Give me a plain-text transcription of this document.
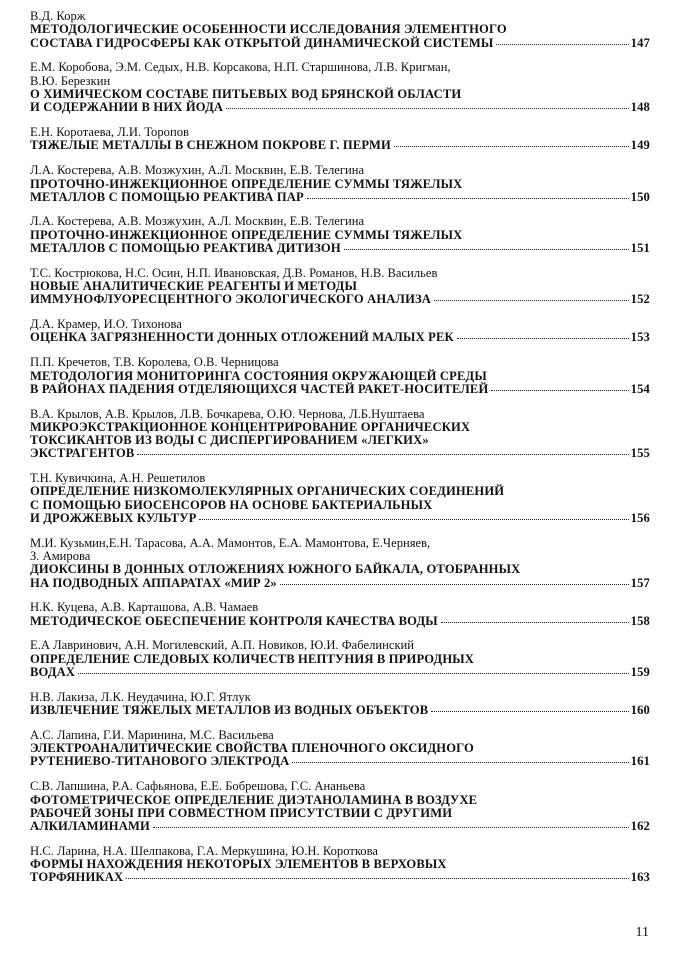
В.Д. Корж
МЕТОДОЛОГИЧЕСКИЕ ОСОБЕННОСТИ ИССЛЕДОВАНИЯ ЭЛЕМЕНТНОГО
СОСТАВА ГИДРОСФЕРЫ КАК ОТКРЫТОЙ ДИНАМИЧЕСКОЙ СИСТЕМЫ	147
Е.М. Коробова, Э.М. Седых, Н.В. Корсакова, Н.П. Старшинова, Л.В. Кригман,
В.Ю. Березкин
О ХИМИЧЕСКОМ СОСТАВЕ ПИТЬЕВЫХ ВОД БРЯНСКОЙ ОБЛАСТИ
И СОДЕРЖАНИИ В НИХ ЙОДА	148
Е.Н. Коротаева, Л.И. Торопов
ТЯЖЕЛЫЕ МЕТАЛЛЫ В СНЕЖНОМ ПОКРОВЕ Г. ПЕРМИ	149
Л.А. Костерева, А.В. Мозжухин, А.Л. Москвин, Е.В. Телегина
ПРОТОЧНО-ИНЖЕКЦИОННОЕ ОПРЕДЕЛЕНИЕ СУММЫ ТЯЖЕЛЫХ
МЕТАЛЛОВ С ПОМОЩЬЮ РЕАКТИВА ПАР	150
Л.А. Костерева, А.В. Мозжухин, А.Л. Москвин, Е.В. Телегина
ПРОТОЧНО-ИНЖЕКЦИОННОЕ ОПРЕДЕЛЕНИЕ СУММЫ ТЯЖЕЛЫХ
МЕТАЛЛОВ С ПОМОЩЬЮ РЕАКТИВА ДИТИЗОН	151
Т.С. Кострюкова, Н.С. Осин, Н.П. Ивановская, Д.В. Романов, Н.В. Васильев
НОВЫЕ АНАЛИТИЧЕСКИЕ РЕАГЕНТЫ И МЕТОДЫ
ИММУНОФЛУОРЕСЦЕНТНОГО ЭКОЛОГИЧЕСКОГО АНАЛИЗА	152
Д.А. Крамер, И.О. Тихонова
ОЦЕНКА ЗАГРЯЗНЕННОСТИ ДОННЫХ ОТЛОЖЕНИЙ МАЛЫХ РЕК	153
П.П. Кречетов, Т.В. Королева, О.В. Черницова
МЕТОДОЛОГИЯ МОНИТОРИНГА СОСТОЯНИЯ ОКРУЖАЮЩЕЙ СРЕДЫ
В РАЙОНАХ ПАДЕНИЯ ОТДЕЛЯЮЩИХСЯ ЧАСТЕЙ РАКЕТ-НОСИТЕЛЕЙ	154
В.А. Крылов, А.В. Крылов, Л.В. Бочкарева, О.Ю. Чернова, Л.Б.Нуштаева
МИКРОЭКСТРАКЦИОННОЕ КОНЦЕНТРИРОВАНИЕ ОРГАНИЧЕСКИХ
ТОКСИКАНТОВ ИЗ ВОДЫ С ДИСПЕРГИРОВАНИЕМ «ЛЕГКИХ»
ЭКСТРАГЕНТОВ	155
Т.Н. Кувичкина, А.Н. Решетилов
ОПРЕДЕЛЕНИЕ НИЗКОМОЛЕКУЛЯРНЫХ ОРГАНИЧЕСКИХ СОЕДИНЕНИЙ
С ПОМОЩЬЮ БИОСЕНСОРОВ НА ОСНОВЕ БАКТЕРИАЛЬНЫХ
И ДРОЖЖЕВЫХ КУЛЬТУР	156
М.И. Кузьмин,Е.Н. Тарасова, А.А. Мамонтов, Е.А. Мамонтова, Е.Черняев,
З. Амирова
ДИОКСИНЫ В ДОННЫХ ОТЛОЖЕНИЯХ ЮЖНОГО БАЙКАЛА, ОТОБРАННЫХ
НА ПОДВОДНЫХ АППАРАТАХ «МИР 2»	157
Н.К. Куцева, А.В. Карташова, А.В. Чамаев
МЕТОДИЧЕСКОЕ ОБЕСПЕЧЕНИЕ КОНТРОЛЯ КАЧЕСТВА ВОДЫ	158
Е.А Лавринович, А.Н. Могилевский, А.П. Новиков, Ю.И. Фабелинский
ОПРЕДЕЛЕНИЕ СЛЕДОВЫХ КОЛИЧЕСТВ НЕПТУНИЯ В ПРИРОДНЫХ
ВОДАХ	159
Н.В. Лакиза, Л.К. Неудачина, Ю.Г. Ятлук
ИЗВЛЕЧЕНИЕ ТЯЖЕЛЫХ МЕТАЛЛОВ ИЗ ВОДНЫХ ОБЪЕКТОВ	160
А.С. Лапина, Г.И. Маринина, М.С. Васильева
ЭЛЕКТРОАНАЛИТИЧЕСКИЕ СВОЙСТВА ПЛЕНОЧНОГО ОКСИДНОГО
РУТЕНИЕВО-ТИТАНОВОГО ЭЛЕКТРОДА	161
С.В. Лапшина, Р.А. Сафьянова, Е.Е. Бобрешова, Г.С. Ананьева
ФОТОМЕТРИЧЕСКОЕ ОПРЕДЕЛЕНИЕ ДИЭТАНОЛАМИНА В ВОЗДУХЕ
РАБОЧЕЙ ЗОНЫ ПРИ СОВМЕСТНОМ ПРИСУТСТВИИ С ДРУГИМИ
АЛКИЛАМИНАМИ	162
Н.С. Ларина, Н.А. Шелпакова, Г.А. Меркушина, Ю.Н. Короткова
ФОРМЫ НАХОЖДЕНИЯ НЕКОТОРЫХ ЭЛЕМЕНТОВ В ВЕРХОВЫХ
ТОРФЯНИКАХ	163
11
